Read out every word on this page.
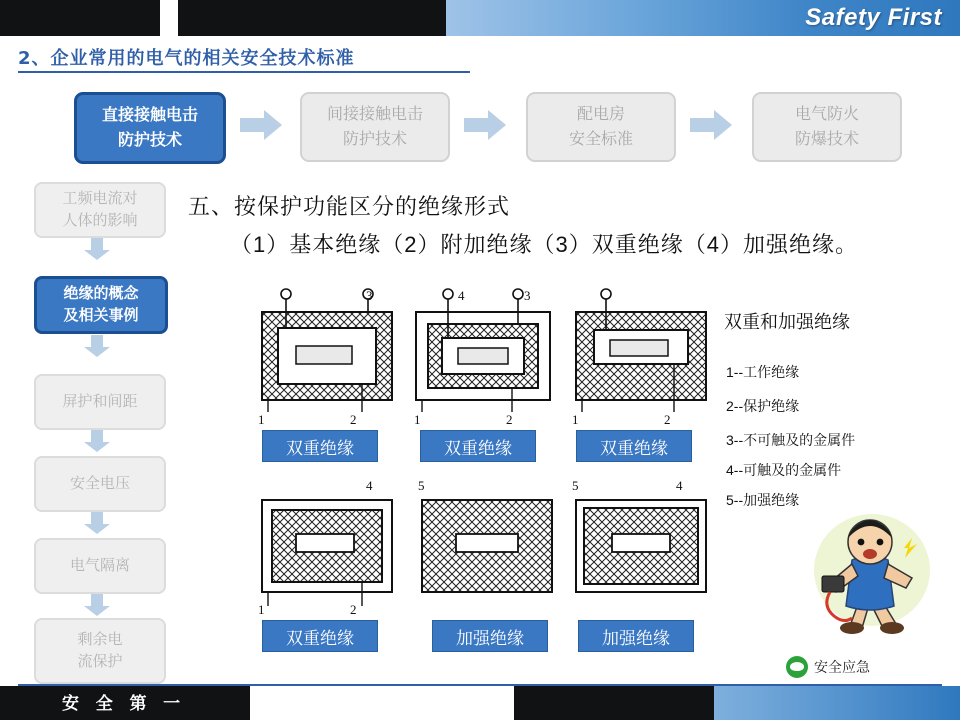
Safety First
2、企业常用的电气的相关安全技术标准
直接接触电击
防护技术
间接接触电击
防护技术
配电房
安全标准
电气防火
防爆技术
工频电流对
人体的影响
绝缘的概念
及相关事例
屏护和间距
安全电压
电气隔离
剩余电
流保护
五、按保护功能区分的绝缘形式
（1）基本绝缘（2）附加绝缘（3）双重绝缘（4）加强绝缘。
3
1	2
双重绝缘
4	3
1	2
双重绝缘
1	2
双重绝缘
4
1	2
双重绝缘
5
加强绝缘
5	4
加强绝缘
双重和加强绝缘
1--工作绝缘
2--保护绝缘
3--不可触及的金属件
4--可触及的金属件
5--加强绝缘
安全应急
安 全 第 一
